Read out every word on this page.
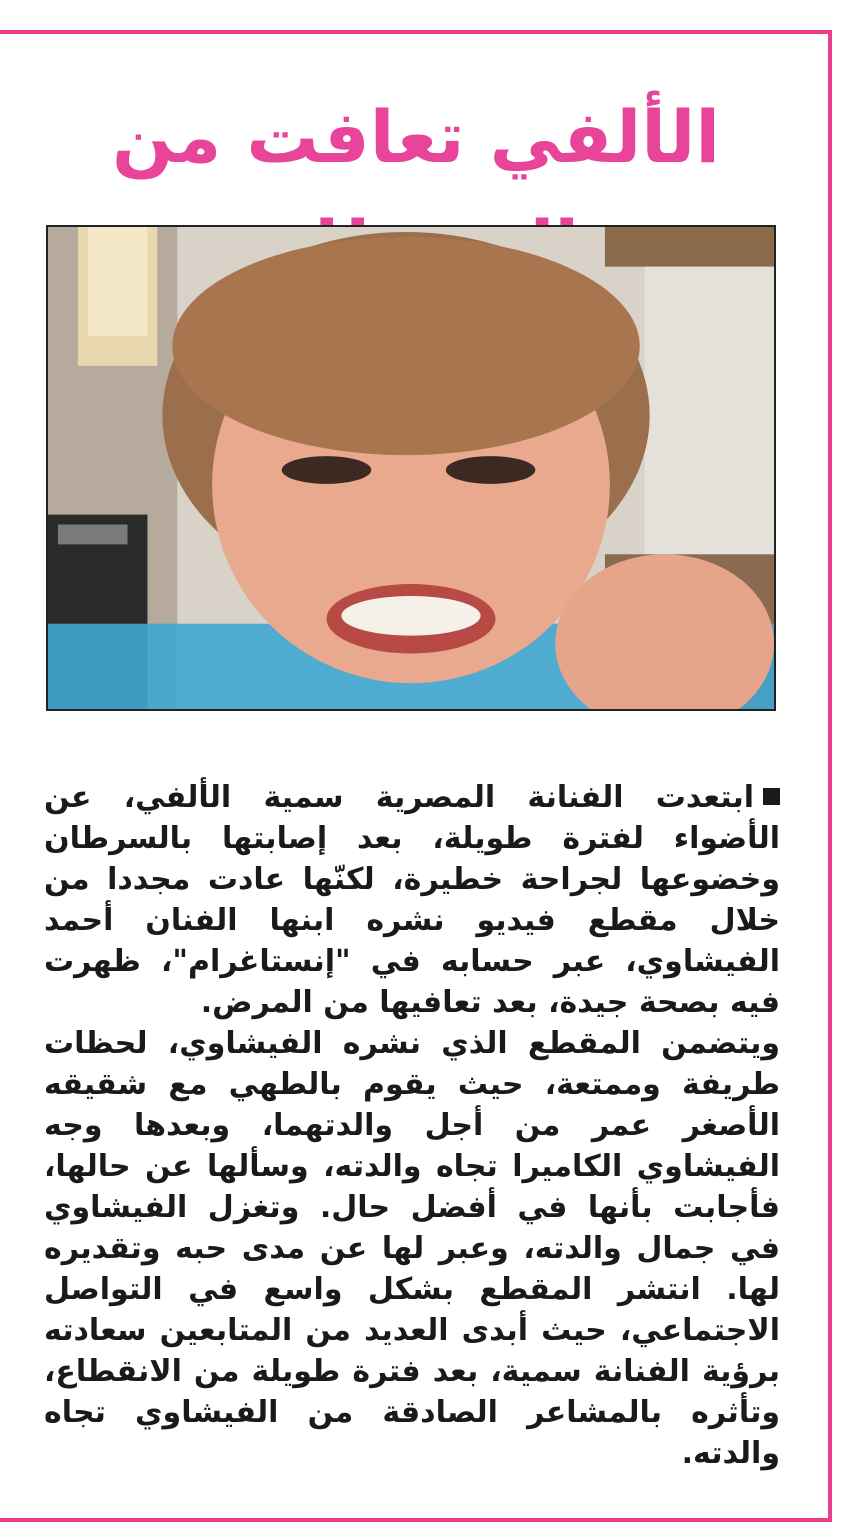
الألفي تعافت من

ابتعدت الفنانة المصرية سمية الألفي، عن الأضواء لفترة طويلة، بعد إصابتها بالسرطان وخضوعها لجراحة خطيرة، لكنّها عادت مجددا من خلال مقطع فيديو نشره ابنها الفنان أحمد الفيشاوي، عبر حسابه في "إنستاغرام"، ظهرت فيه بصحة جيدة، بعد تعافيها من المرض.

ويتضمن المقطع الذي نشره الفيشاوي، لحظات طريفة وممتعة، حيث يقوم بالطهي مع شقيقه الأصغر عمر من أجل والدتهما، وبعدها وجه الفيشاوي الكاميرا تجاه والدته، وسألها عن حالها، فأجابت بأنها في أفضل حال. وتغزل الفيشاوي في جمال والدته، وعبر لها عن مدى حبه وتقديره لها. انتشر المقطع بشكل واسع في التواصل الاجتماعي، حيث أبدى العديد من المتابعين سعادته برؤية الفنانة سمية، بعد فترة طويلة من الانقطاع، وتأثره بالمشاعر الصادقة من الفيشاوي تجاه والدته.
